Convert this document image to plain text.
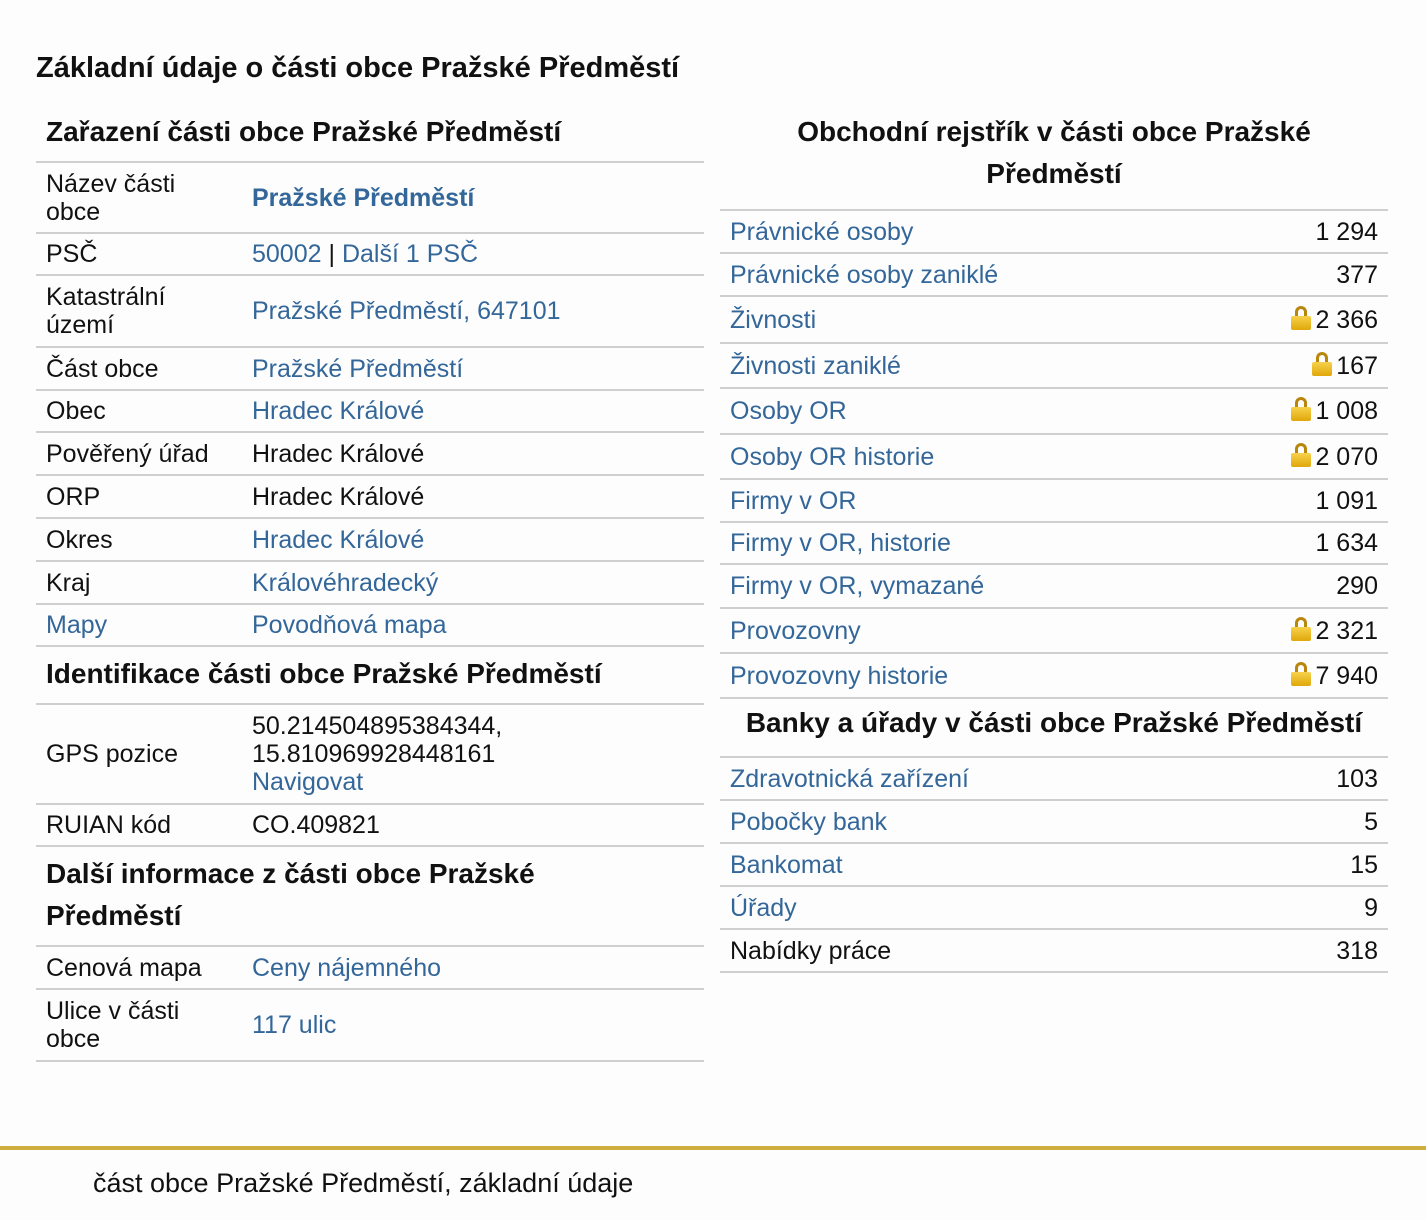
Základní údaje o části obce Pražské Předměstí
Zařazení části obce Pražské Předměstí
Název části obce	Pražské Předměstí
PSČ	50002 | Další 1 PSČ
Katastrální území	Pražské Předměstí, 647101
Část obce	Pražské Předměstí
Obec	Hradec Králové
Pověřený úřad	Hradec Králové
ORP	Hradec Králové
Okres	Hradec Králové
Kraj	Královéhradecký
Mapy	Povodňová mapa
Identifikace části obce Pražské Předměstí
GPS pozice	50.214504895384344,
15.810969928448161
Navigovat
RUIAN kód	CO.409821
Další informace z části obce Pražské Předměstí
Cenová mapa	Ceny nájemného
Ulice v části obce	117 ulic
Obchodní rejstřík v části obce Pražské Předměstí
Právnické osoby	1 294
Právnické osoby zaniklé	377
Živnosti	2 366
Živnosti zaniklé	167
Osoby OR	1 008
Osoby OR historie	2 070
Firmy v OR	1 091
Firmy v OR, historie	1 634
Firmy v OR, vymazané	290
Provozovny	2 321
Provozovny historie	7 940
Banky a úřady v části obce Pražské Předměstí
Zdravotnická zařízení	103
Pobočky bank	5
Bankomat	15
Úřady	9
Nabídky práce	318
část obce Pražské Předměstí, základní údaje
